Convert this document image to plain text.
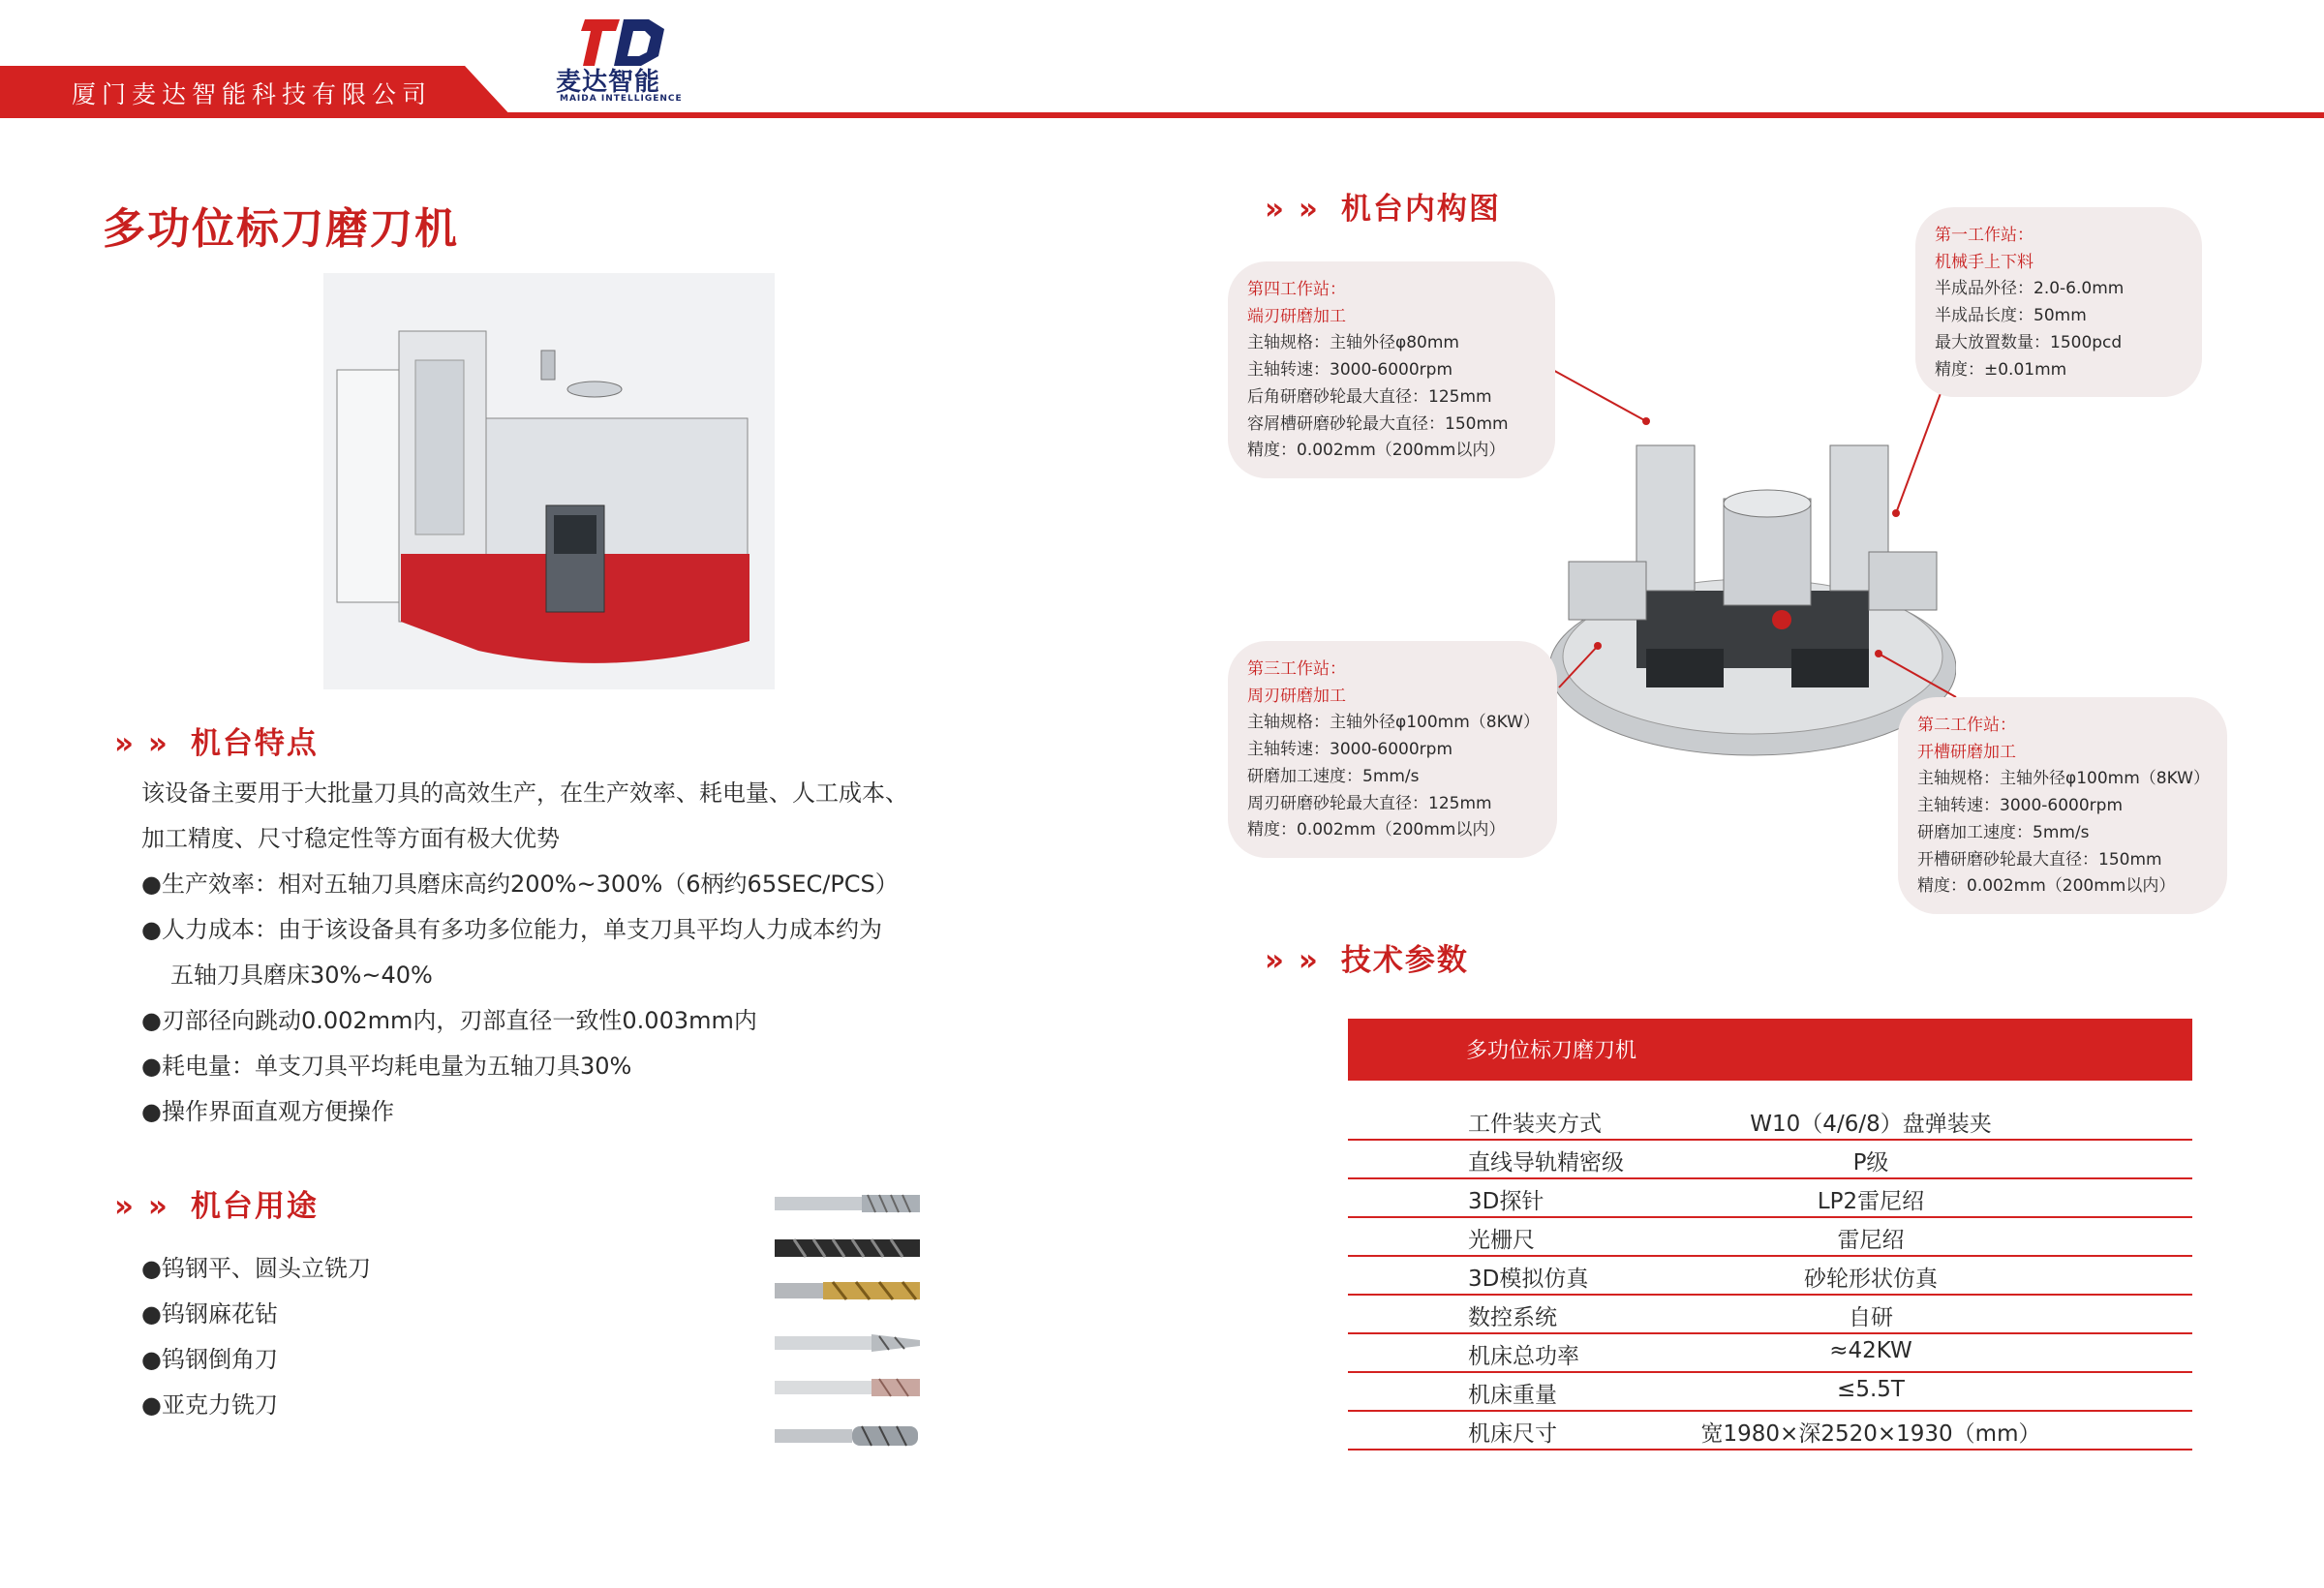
厦门麦达智能科技有限公司	麦达智能
MAIDA INTELLIGENCE
多功位标刀磨刀机
» » 机台特点
该设备主要用于大批量刀具的高效生产，在生产效率、耗电量、人工成本、
加工精度、尺寸稳定性等方面有极大优势
●生产效率：相对五轴刀具磨床高约200%~300%（6柄约65SEC/PCS）
●人力成本：由于该设备具有多功多位能力，单支刀具平均人力成本约为
五轴刀具磨床30%~40%
●刃部径向跳动0.002mm内，刃部直径一致性0.003mm内
●耗电量：单支刀具平均耗电量为五轴刀具30%
●操作界面直观方便操作
» » 机台用途
●钨钢平、圆头立铣刀
●钨钢麻花钻
●钨钢倒角刀
●亚克力铣刀
» » 机台内构图
第四工作站：
端刃研磨加工
主轴规格：主轴外径φ80mm
主轴转速：3000-6000rpm
后角研磨砂轮最大直径：125mm
容屑槽研磨砂轮最大直径：150mm
精度：0.002mm（200mm以内）
第一工作站：
机械手上下料
半成品外径：2.0-6.0mm
半成品长度：50mm
最大放置数量：1500pcd
精度：±0.01mm
第三工作站：
周刃研磨加工
主轴规格：主轴外径φ100mm（8KW）
主轴转速：3000-6000rpm
研磨加工速度：5mm/s
周刃研磨砂轮最大直径：125mm
精度：0.002mm（200mm以内）
第二工作站：
开槽研磨加工
主轴规格：主轴外径φ100mm（8KW）
主轴转速：3000-6000rpm
研磨加工速度：5mm/s
开槽研磨砂轮最大直径：150mm
精度：0.002mm（200mm以内）
» » 技术参数
多功位标刀磨刀机
工件装夹方式	W10（4/6/8）盘弹装夹
直线导轨精密级	P级
3D探针	LP2雷尼绍
光栅尺	雷尼绍
3D模拟仿真	砂轮形状仿真
数控系统	自研
机床总功率	≈42KW
机床重量	≤5.5T
机床尺寸	宽1980×深2520×1930（mm）
